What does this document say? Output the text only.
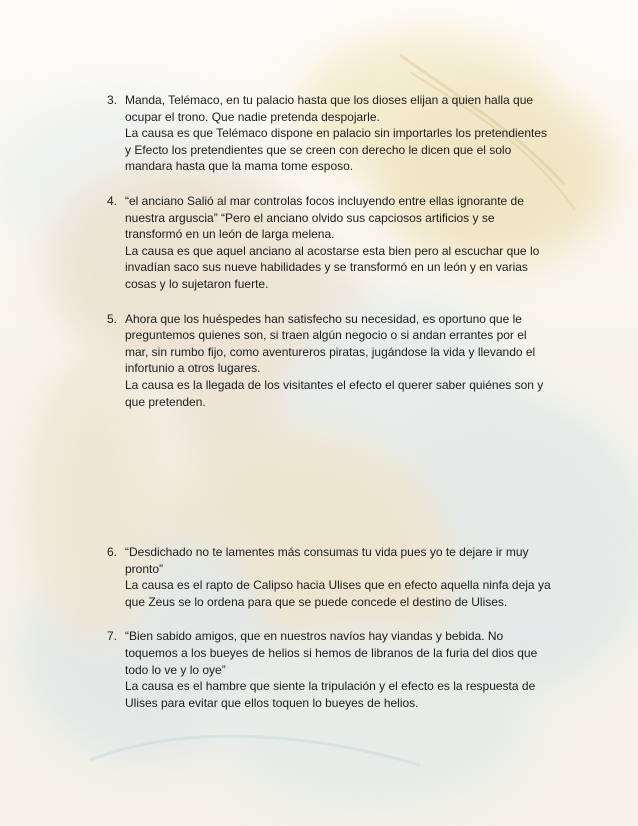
3. Manda, Telémaco, en tu palacio hasta que los dioses elijan a quien halla que ocupar el trono. Que nadie pretenda despojarle.

La causa es que Telémaco dispone en palacio sin importarles los pretendientes y Efecto los pretendientes que se creen con derecho le dicen que el solo mandara hasta que la mama tome esposo.

4. “el anciano Salió al mar controlas focos incluyendo entre ellas ignorante de nuestra arguscia” “Pero el anciano olvido sus capciosos artificios y se transformó en un león de larga melena.

La causa es que aquel anciano al acostarse esta bien pero al escuchar que lo invadían saco sus nueve habilidades y se transformó en un león y en varias cosas y lo sujetaron fuerte.

5. Ahora que los huéspedes han satisfecho su necesidad, es oportuno que le preguntemos quienes son, si traen algún negocio o si andan errantes por el mar, sin rumbo fijo, como aventureros piratas, jugándose la vida y llevando el infortunio a otros lugares.

La causa es la llegada de los visitantes el efecto el querer saber quiénes son y que pretenden.

6. “Desdichado no te lamentes más consumas tu vida pues yo te dejare ir muy pronto”

La causa es el rapto de Calipso hacia Ulises que en efecto aquella ninfa deja ya que Zeus se lo ordena para que se puede concede el destino de Ulises.

7. “Bien sabido amigos, que en nuestros navíos hay viandas y bebida. No toquemos a los bueyes de helios si hemos de libranos de la furia del dios que todo lo ve y lo oye”

La causa es el hambre que siente la tripulación y el efecto es la respuesta de Ulises para evitar que ellos toquen lo bueyes de helios.
